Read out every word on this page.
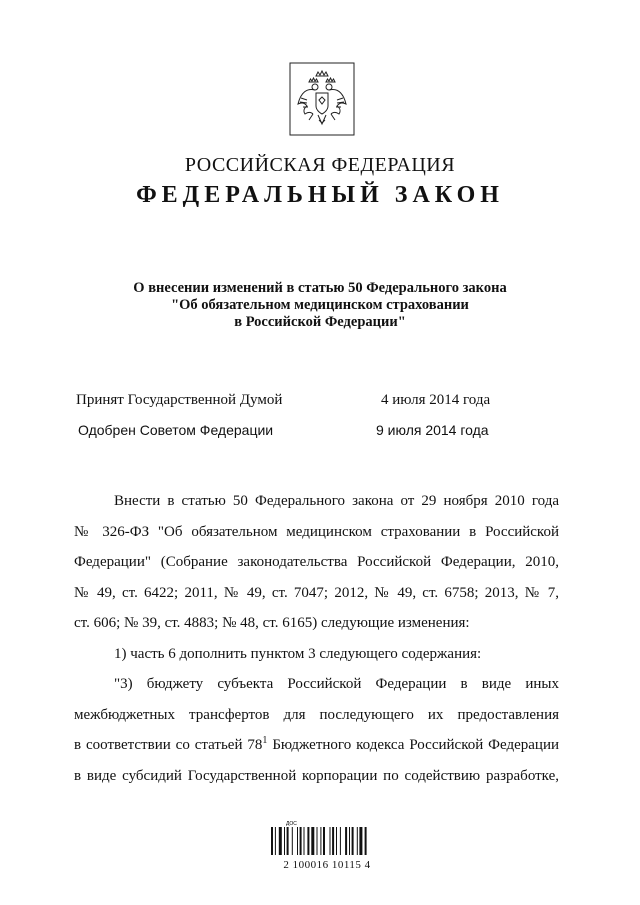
РОССИЙСКАЯ ФЕДЕРАЦИЯ
ФЕДЕРАЛЬНЫЙ ЗАКОН
О внесении изменений в статью 50 Федерального закона
"Об обязательном медицинском страховании
в Российской Федерации"
Принят Государственной Думой	4 июля 2014 года
Одобрен Советом Федерации	9 июля 2014 года
Внести в статью 50 Федерального закона от 29 ноября 2010 года
№ 326-ФЗ "Об обязательном медицинском страховании в Российской
Федерации" (Собрание законодательства Российской Федерации, 2010,
№ 49, ст. 6422; 2011, № 49, ст. 7047; 2012, № 49, ст. 6758; 2013, № 7,
ст. 606; № 39, ст. 4883; № 48, ст. 6165) следующие изменения:
1) часть 6 дополнить пунктом 3 следующего содержания:
"3) бюджету субъекта Российской Федерации в виде иных
межбюджетных трансфертов для последующего их предоставления
в соответствии со статьей $78^1$ Бюджетного кодекса Российской Федерации
в виде субсидий Государственной корпорации по содействию разработке,
ДОС
2 100016 10115 4
